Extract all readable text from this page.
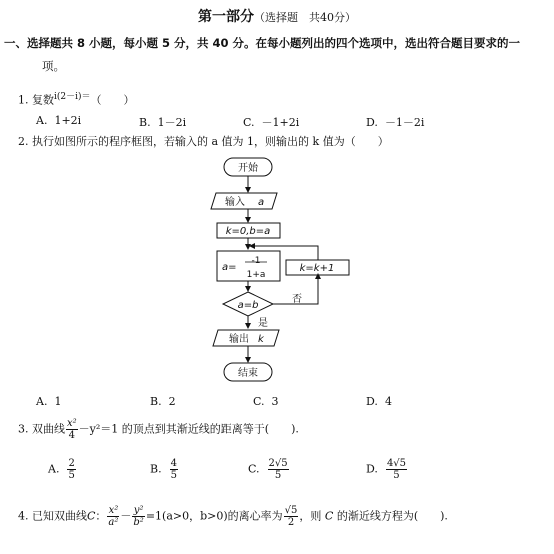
第一部分（选择题　共40分）
一、选择题共 8 小题，每小题 5 分，共 40 分。在每小题列出的四个选项中，选出符合题目要求的一
项。
1. 复数$^{i(2-i)=}$（　　）
A. 1+2i	B. 1－2i	C. －1+2i	D. －1－2i
2. 执行如图所示的程序框图，若输入的 a 值为 1，则输出的 k 值为（　　）
开始
输入 a
k=0,b=a
a=
-1
1+a
k=k+1
a=b
否
是
输出 k
结束
A. 1	B. 2	C. 3	D. 4
3. 双曲线 $\frac{\text{x²}}{4} -y^2=1$ 的顶点到其渐近线的距离等于(　　).
A. $\frac{2}{5}$	B. $\frac{4}{5}$	C. $\frac{2√5}{5}$	D. $\frac{4√5}{5}$
4. 已知双曲线C： $\frac{\text{x²}}{\text{a²}} - \frac{\text{y²}}{\text{b²}} =1(a>0$，b>0)的离心率为 $\frac{√5}{2}$ ，则 C 的渐近线方程为(　　).
